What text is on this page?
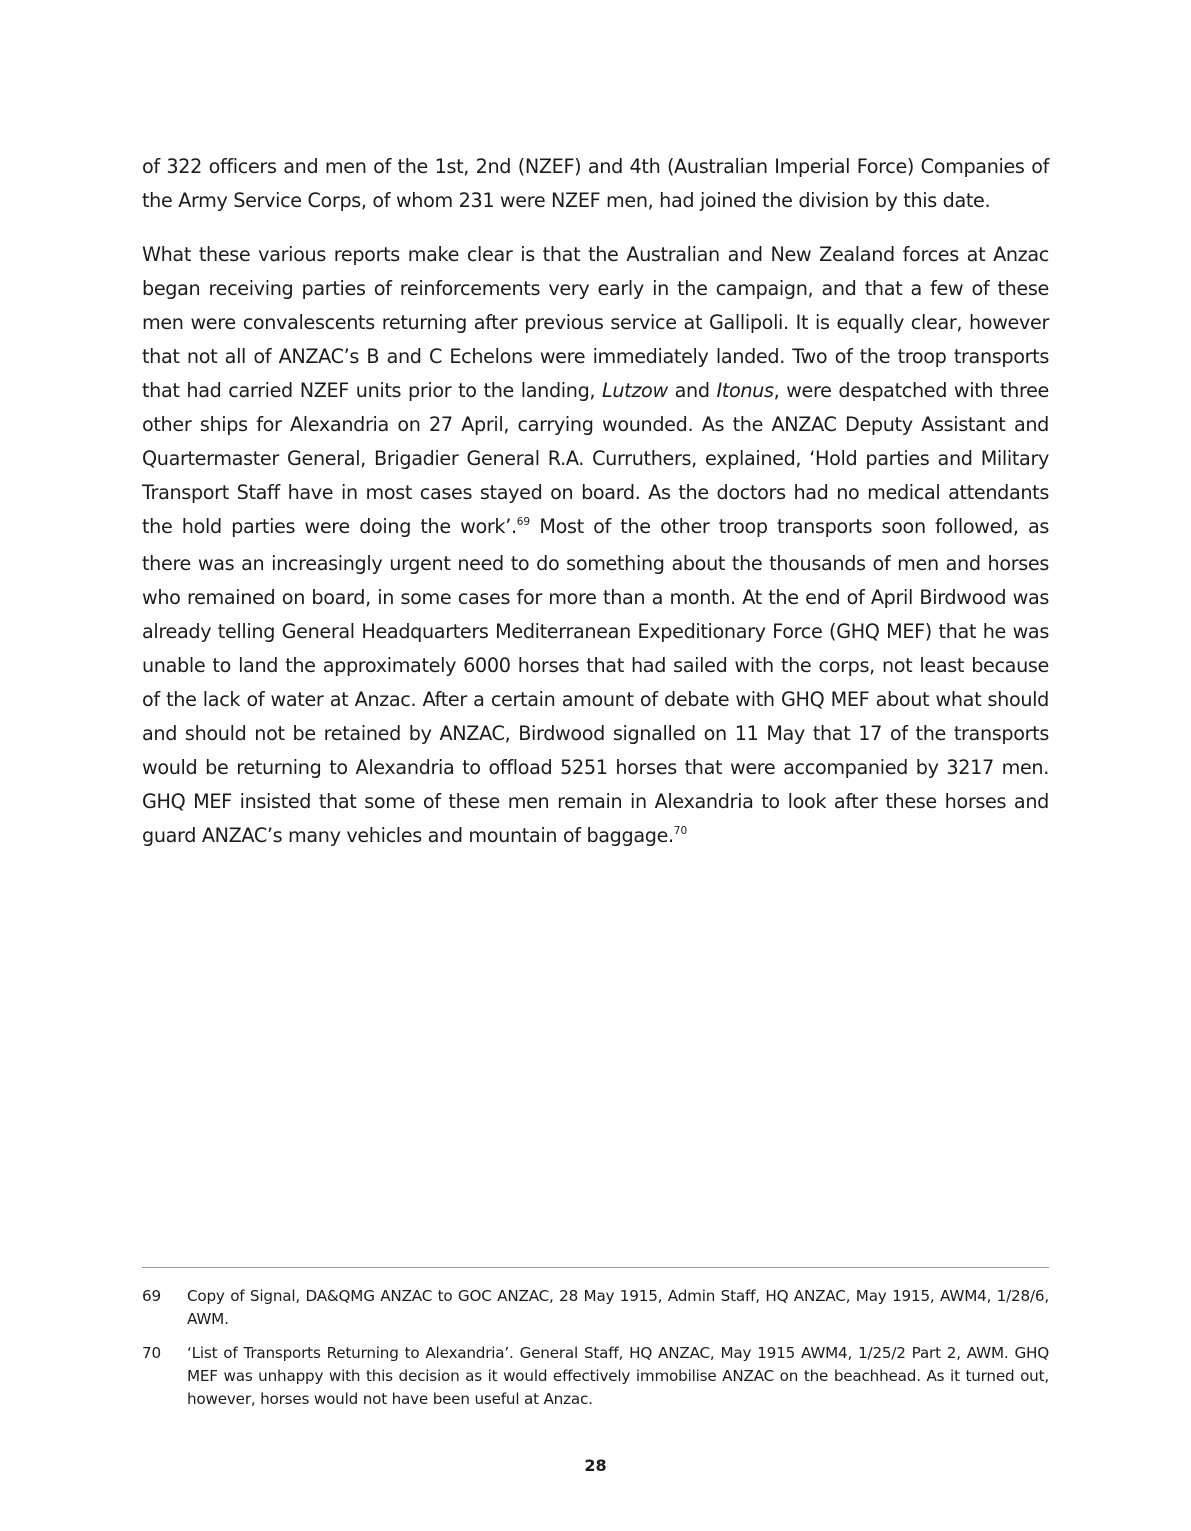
of 322 officers and men of the 1st, 2nd (NZEF) and 4th (Australian Imperial Force) Companies of the Army Service Corps, of whom 231 were NZEF men, had joined the division by this date.

What these various reports make clear is that the Australian and New Zealand forces at Anzac began receiving parties of reinforcements very early in the campaign, and that a few of these men were convalescents returning after previous service at Gallipoli. It is equally clear, however that not all of ANZAC’s B and C Echelons were immediately landed. Two of the troop transports that had carried NZEF units prior to the landing, Lutzow and Itonus, were despatched with three other ships for Alexandria on 27 April, carrying wounded. As the ANZAC Deputy Assistant and Quartermaster General, Brigadier General R.A. Curruthers, explained, ‘Hold parties and Military Transport Staff have in most cases stayed on board. As the doctors had no medical attendants the hold parties were doing the work’.$^{69}$ Most of the other troop transports soon followed, as there was an increasingly urgent need to do something about the thousands of men and horses who remained on board, in some cases for more than a month. At the end of April Birdwood was already telling General Headquarters Mediterranean Expeditionary Force (GHQ MEF) that he was unable to land the approximately 6000 horses that had sailed with the corps, not least because of the lack of water at Anzac. After a certain amount of debate with GHQ MEF about what should and should not be retained by ANZAC, Birdwood signalled on 11 May that 17 of the transports would be returning to Alexandria to offload 5251 horses that were accompanied by 3217 men. GHQ MEF insisted that some of these men remain in Alexandria to look after these horses and guard ANZAC’s many vehicles and mountain of baggage.$^{70}$

69	Copy of Signal, DA&QMG ANZAC to GOC ANZAC, 28 May 1915, Admin Staff, HQ ANZAC, May 1915, AWM4, 1/28/6, AWM.
70	‘List of Transports Returning to Alexandria’. General Staff, HQ ANZAC, May 1915 AWM4, 1/25/2 Part 2, AWM. GHQ MEF was unhappy with this decision as it would effectively immobilise ANZAC on the beachhead. As it turned out, however, horses would not have been useful at Anzac.
28
